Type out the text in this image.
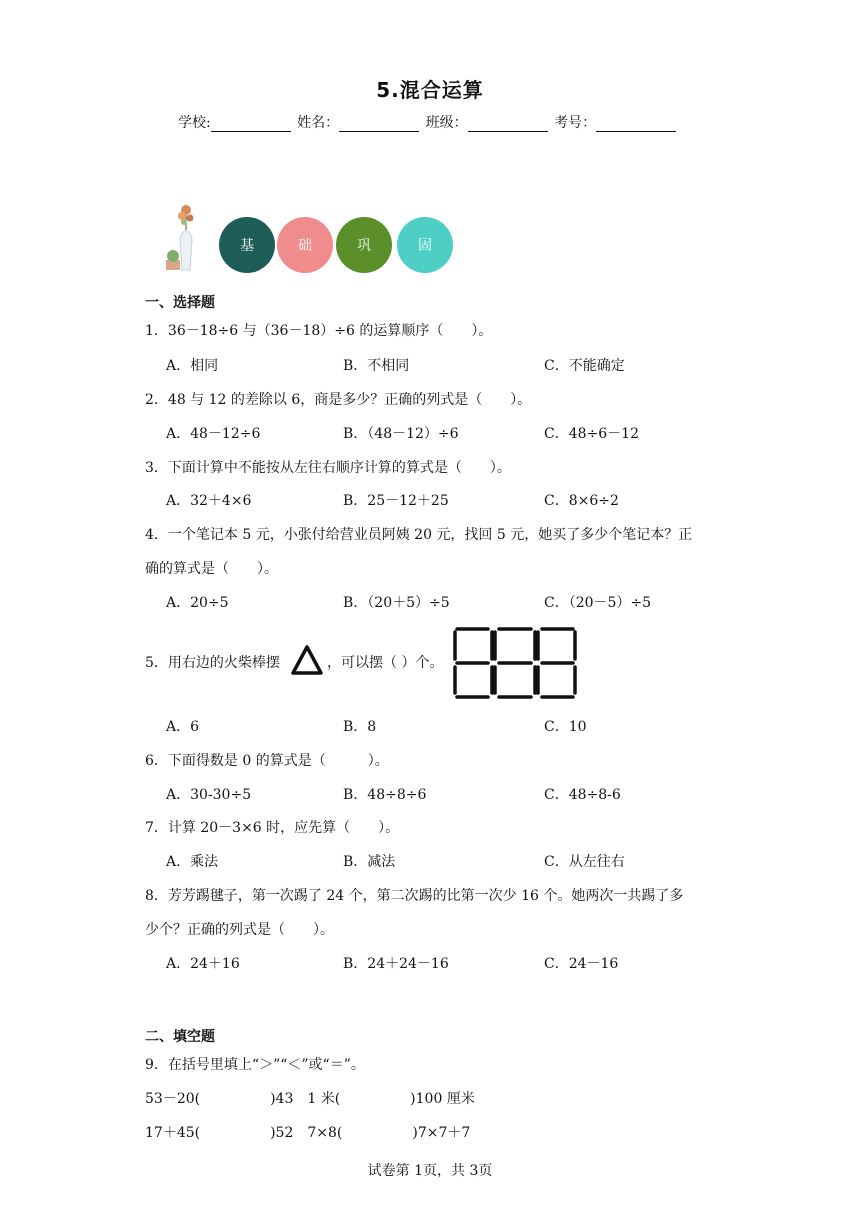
5.混合运算
学校:	姓名：	班级：	考号：
基	础	巩	固
一、选择题
1．36－18÷6 与（36－18）÷6 的运算顺序（　　）。
A．相同	B．不相同	C．不能确定
2．48 与 12 的差除以 6，商是多少？正确的列式是（　　）。
A．48－12÷6	B．（48－12）÷6	C．48÷6－12
3．下面计算中不能按从左往右顺序计算的算式是（　　）。
A．32＋4×6	B．25－12＋25	C．8×6÷2
4．一个笔记本 5 元，小张付给营业员阿姨 20 元，找回 5 元，她买了多少个笔记本？正
确的算式是（　　）。
A．20÷5	B．（20＋5）÷5	C．（20－5）÷5
5．用右边的火柴棒摆	，可以摆（ ）个。
A．6	B．8	C．10
6．下面得数是 0 的算式是（　　　）。
A．30-30÷5	B．48÷8÷6	C．48÷8-6
7．计算 20－3×6 时，应先算（　　）。
A．乘法	B．减法	C．从左往右
8．芳芳踢毽子，第一次踢了 24 个，第二次踢的比第一次少 16 个。她两次一共踢了多
少个？正确的列式是（　　）。
A．24＋16	B．24＋24－16	C．24－16
二、填空题
9．在括号里填上“＞”“＜”或“＝”。
53－20(　　　　　)43　1 米(　　　　　)100 厘米
17＋45(　　　　　)52　7×8(　　　　　)7×7＋7
试卷第 1页，共 3页
